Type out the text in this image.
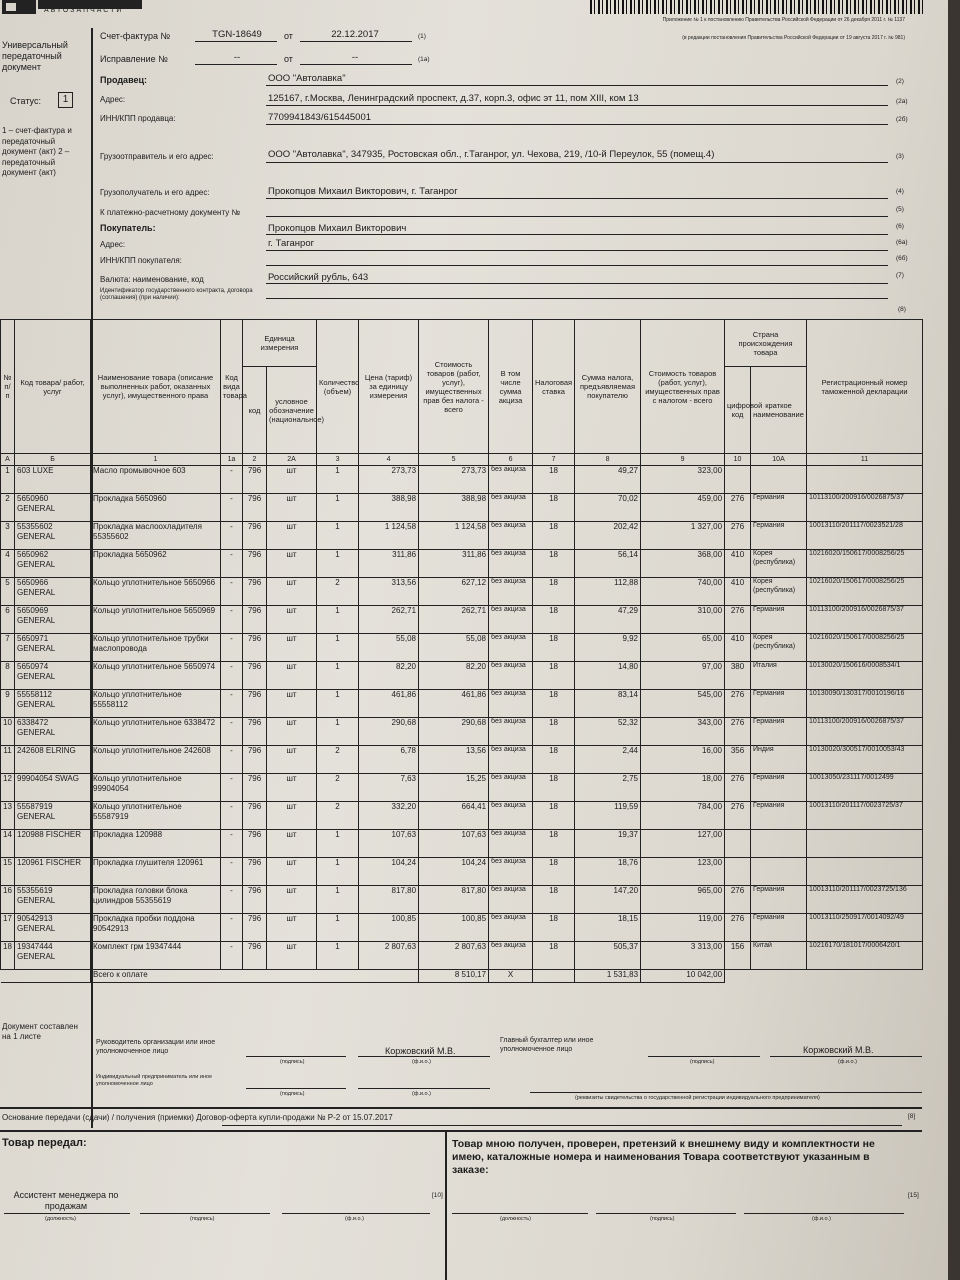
АВТОЗАПЧАСТИ
Приложение № 1 к постановлению Правительства Российской Федерации от 26 декабря 2011 г. № 1137
(в редакции постановления Правительства Российской Федерации от 19 августа 2017 г. № 981)
Универсальный передаточный документ
Статус:	1
1 – счет-фактура и передаточный документ (акт) 2 – передаточный документ (акт)
Счет-фактура №	TGN-18649	от	22.12.2017	(1)
Исправление №	--	от	--	(1а)
Продавец:	ООО "Автолавка"	(2)
Адрес:	125167, г.Москва, Ленинградский проспект, д.37, корп.3, офис эт 11, пом XIII, ком 13	(2а)
ИНН/КПП продавца:	7709941843/615445001	(2б)
Грузоотправитель и его адрес:	ООО "Автолавка", 347935, Ростовская обл., г.Таганрог, ул. Чехова, 219, /10-й Переулок, 55 (помещ.4)	(3)
Грузополучатель и его адрес:	Прокопцов Михаил Викторович, г. Таганрог	(4)
К платежно-расчетному документу №	(5)
Покупатель:	Прокопцов Михаил Викторович	(6)
Адрес:	г. Таганрог	(6а)
ИНН/КПП покупателя:	(6б)
Валюта: наименование, код	Российский рубль, 643	(7)
Идентификатор государственного контракта, договора (соглашения) (при наличии):
(8)
№ п/п	Код товара/ работ, услуг	Наименование товара (описание выполненных работ, оказанных услуг), имущественного права	Код вида товара	Единица измерения		Количество (объем)	Цена (тариф) за единицу измерения	Стоимость товаров (работ, услуг), имущественных прав без налога - всего	В том числе сумма акциза	Налоговая ставка	Сумма налога, предъявляемая покупателю	Стоимость товаров (работ, услуг), имущественных прав с налогом - всего	Страна происхождения товара		Регистрационный номер таможенной декларации
				код	условное обозначение (национальное)								цифровой код	краткое наименование	
А	Б	1	1а	2	2А	3	4	5	6	7	8	9	10	10А	11
1	603 LUXE	Масло промывочное 603	-	796	шт	1	273,73	273,73	без акциза	18	49,27	323,00			
2	5650960 GENERAL	Прокладка 5650960	-	796	шт	1	388,98	388,98	без акциза	18	70,02	459,00	276	Германия	10113100/200916/0026875/37
3	55355602 GENERAL	Прокладка маслоохладителя 55355602	-	796	шт	1	1 124,58	1 124,58	без акциза	18	202,42	1 327,00	276	Германия	10013110/201117/0023521/28
4	5650962 GENERAL	Прокладка 5650962	-	796	шт	1	311,86	311,86	без акциза	18	56,14	368,00	410	Корея (республика)	10216020/150617/0008256/25
5	5650966 GENERAL	Кольцо уплотнительное 5650966	-	796	шт	2	313,56	627,12	без акциза	18	112,88	740,00	410	Корея (республика)	10216020/150617/0008256/25
6	5650969 GENERAL	Кольцо уплотнительное 5650969	-	796	шт	1	262,71	262,71	без акциза	18	47,29	310,00	276	Германия	10113100/200916/0026875/37
7	5650971 GENERAL	Кольцо уплотнительное трубки маслопровода	-	796	шт	1	55,08	55,08	без акциза	18	9,92	65,00	410	Корея (республика)	10216020/150617/0008256/25
8	5650974 GENERAL	Кольцо уплотнительное 5650974	-	796	шт	1	82,20	82,20	без акциза	18	14,80	97,00	380	Италия	10130020/150616/0008534/1
9	55558112 GENERAL	Кольцо уплотнительное 55558112	-	796	шт	1	461,86	461,86	без акциза	18	83,14	545,00	276	Германия	10130090/130317/0010196/16
10	6338472 GENERAL	Кольцо уплотнительное 6338472	-	796	шт	1	290,68	290,68	без акциза	18	52,32	343,00	276	Германия	10113100/200916/0026875/37
11	242608 ELRING	Кольцо уплотнительное 242608	-	796	шт	2	6,78	13,56	без акциза	18	2,44	16,00	356	Индия	10130020/300517/0010053/43
12	99904054 SWAG	Кольцо уплотнительное 99904054	-	796	шт	2	7,63	15,25	без акциза	18	2,75	18,00	276	Германия	10013050/231117/0012499
13	55587919 GENERAL	Кольцо уплотнительное 55587919	-	796	шт	2	332,20	664,41	без акциза	18	119,59	784,00	276	Германия	10013110/201117/0023725/37
14	120988 FISCHER	Прокладка 120988	-	796	шт	1	107,63	107,63	без акциза	18	19,37	127,00			
15	120961 FISCHER	Прокладка глушителя 120961	-	796	шт	1	104,24	104,24	без акциза	18	18,76	123,00			
16	55355619 GENERAL	Прокладка головки блока цилиндров 55355619	-	796	шт	1	817,80	817,80	без акциза	18	147,20	965,00	276	Германия	10013110/201117/0023725/136
17	90542913 GENERAL	Прокладка пробки поддона 90542913	-	796	шт	1	100,85	100,85	без акциза	18	18,15	119,00	276	Германия	10013110/250917/0014092/49
18	19347444 GENERAL	Комплект грм 19347444	-	796	шт	1	2 807,63	2 807,63	без акциза	18	505,37	3 313,00	156	Китай	10216170/181017/0006420/1
		Всего к оплате						8 510,17	X		1 531,83	10 042,00			
Документ составлен на 1 листе
Руководитель организации или иное уполномоченное лицо
(подпись)
Коржовский М.В.
(ф.и.о.)
Главный бухгалтер или иное уполномоченное лицо
(подпись)
Коржовский М.В.
(ф.и.о.)
Индивидуальный предприниматель или иное уполномоченное лицо
(подпись)	(ф.и.о.)
(реквизиты свидетельства о государственной регистрации индивидуального предпринимателя)
Основание передачи (сдачи) / получения (приемки) Договор-оферта купли-продажи № Р-2 от 15.07.2017	[8]
Товар передал:	Товар мною получен, проверен, претензий к внешнему виду и комплектности не имею, каталожные номера и наименования Товара соответствуют указанным в заказе:
Ассистент менеджера по продажам
(должность)	(подпись)	(ф.и.о.)
[10]
(должность)	(подпись)	(ф.и.о.)
[15]
